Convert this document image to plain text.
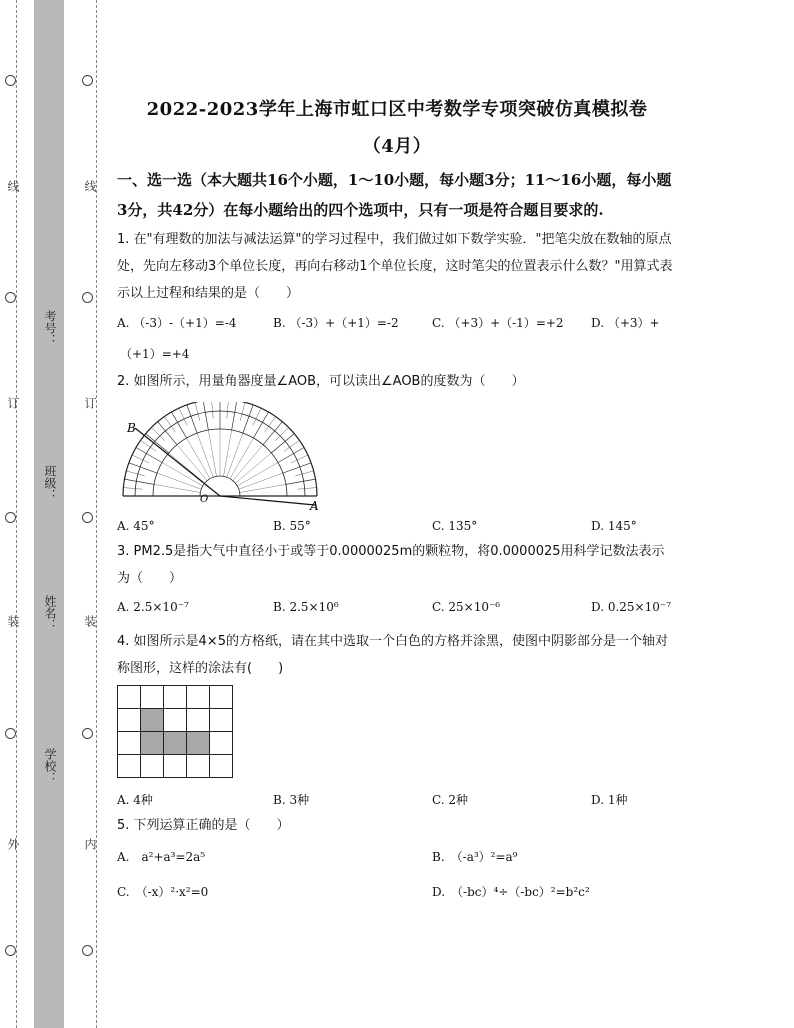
线
订
装
外
线
订
装
内
考号：
班级：
姓名：
学校：
2022-2023学年上海市虹口区中考数学专项突破仿真模拟卷
（4月）
一、选一选（本大题共16个小题，1～10小题，每小题3分；11～16小题，每小题3分，共42分）在每小题给出的四个选项中，只有一项是符合题目要求的.
1. 在"有理数的加法与减法运算"的学习过程中，我们做过如下数学实验．"把笔尖放在数轴的原点处，先向左移动3个单位长度，再向右移动1个单位长度，这时笔尖的位置表示什么数？"用算式表示以上过程和结果的是（　　）
A. （-3）-（+1）=-4	B. （-3）+（+1）=-2	C. （+3）+（-1）=+2 D. （+3）+
（+1）=+4
2. 如图所示，用量角器度量∠AOB，可以读出∠AOB的度数为（　　）
B
O	A
A. 45°	B. 55°	C. 135°	D. 145°
3. PM2.5是指大气中直径小于或等于0.0000025m的颗粒物，将0.0000025用科学记数法表示为（　　）
A. 2.5×10⁻⁷	B. 2.5×10⁶	C. 25×10⁻⁶	D. 0.25×10⁻⁷
4. 如图所示是4×5的方格纸，请在其中选取一个白色的方格并涂黑，使图中阴影部分是一个轴对称图形，这样的涂法有(　　)

A. 4种	B. 3种	C. 2种	D. 1种
5. 下列运算正确的是（　　）
A.　a²+a³=2a⁵	B.　（-a³）²=a⁹
C.　（-x）²·x²=0	D.　（-bc）⁴÷（-bc）²=b²c²
